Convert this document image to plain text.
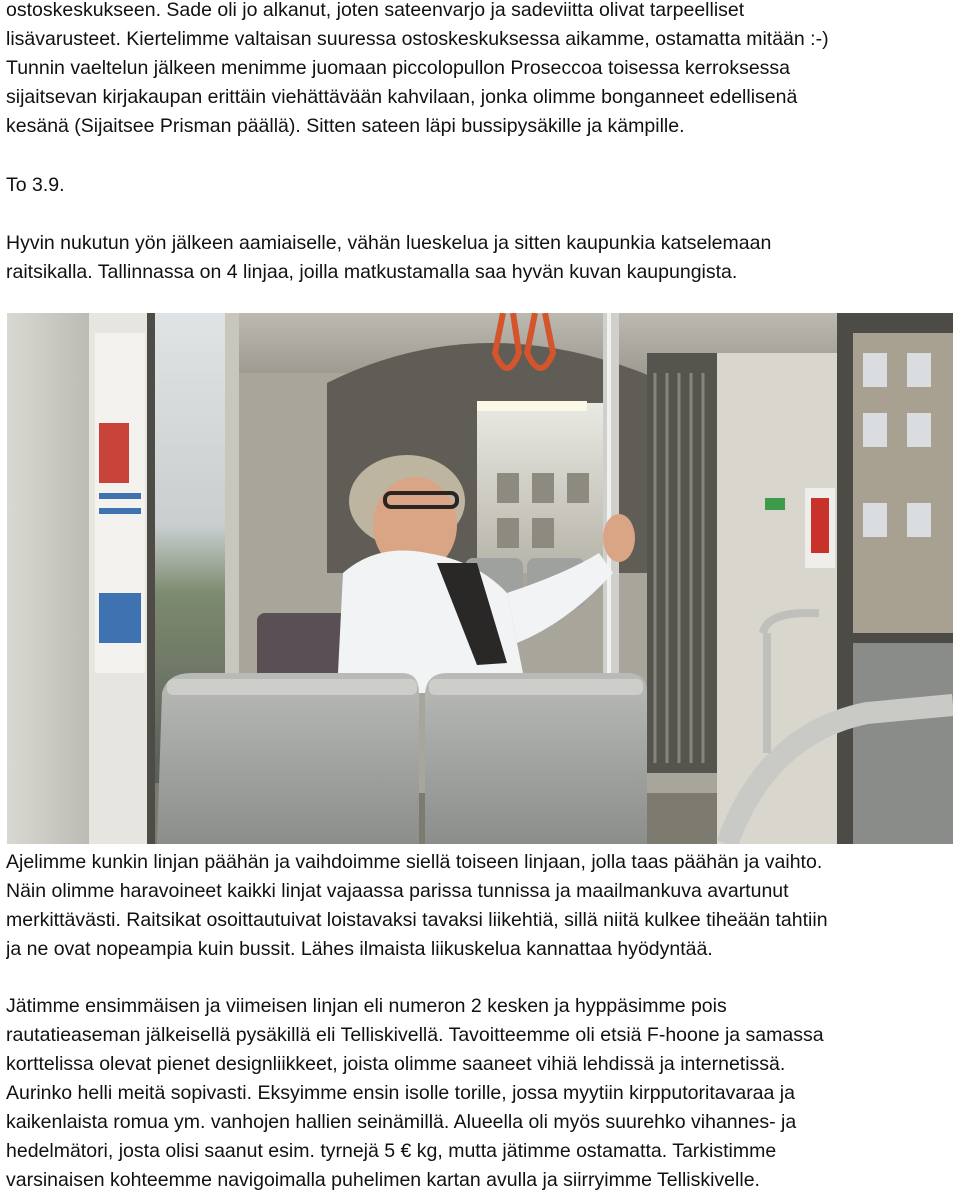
ostoskeskukseen. Sade oli jo alkanut, joten sateenvarjo ja sadeviitta olivat tarpeelliset
lisävarusteet. Kiertelimme valtaisan suuressa ostoskeskuksessa aikamme, ostamatta mitään :-)
Tunnin vaeltelun jälkeen menimme juomaan piccolopullon Proseccoa toisessa kerroksessa
sijaitsevan kirjakaupan erittäin viehättävään kahvilaan, jonka olimme bonganneet edellisenä
kesänä (Sijaitsee Prisman päällä). Sitten sateen läpi bussipysäkille ja kämpille.

To 3.9.

Hyvin nukutun yön jälkeen aamiaiselle, vähän lueskelua ja sitten kaupunkia katselemaan
raitsikalla. Tallinnassa on 4 linjaa, joilla matkustamalla saa hyvän kuvan kaupungista.

Ajelimme kunkin linjan päähän ja vaihdoimme siellä toiseen linjaan, jolla taas päähän ja vaihto.
Näin olimme haravoineet kaikki linjat vajaassa parissa tunnissa ja maailmankuva avartunut
merkittävästi. Raitsikat osoittautuivat loistavaksi tavaksi liikehtiä, sillä niitä kulkee tiheään tahtiin
ja ne ovat nopeampia kuin bussit. Lähes ilmaista liikuskelua kannattaa hyödyntää.

Jätimme ensimmäisen ja viimeisen linjan eli numeron 2 kesken ja hyppäsimme pois
rautatieaseman jälkeisellä pysäkillä eli Telliskivellä. Tavoitteemme oli etsiä F-hoone ja samassa
korttelissa olevat pienet designliikkeet, joista olimme saaneet vihiä lehdissä ja internetissä.
Aurinko helli meitä sopivasti. Eksyimme ensin isolle torille, jossa myytiin kirpputoritavaraa ja
kaikenlaista romua ym. vanhojen hallien seinämillä. Alueella oli myös suurehko vihannes- ja
hedelmätori, josta olisi saanut esim. tyrnejä 5 € kg, mutta jätimme ostamatta. Tarkistimme
varsinaisen kohteemme navigoimalla puhelimen kartan avulla ja siirryimme Telliskivelle.
